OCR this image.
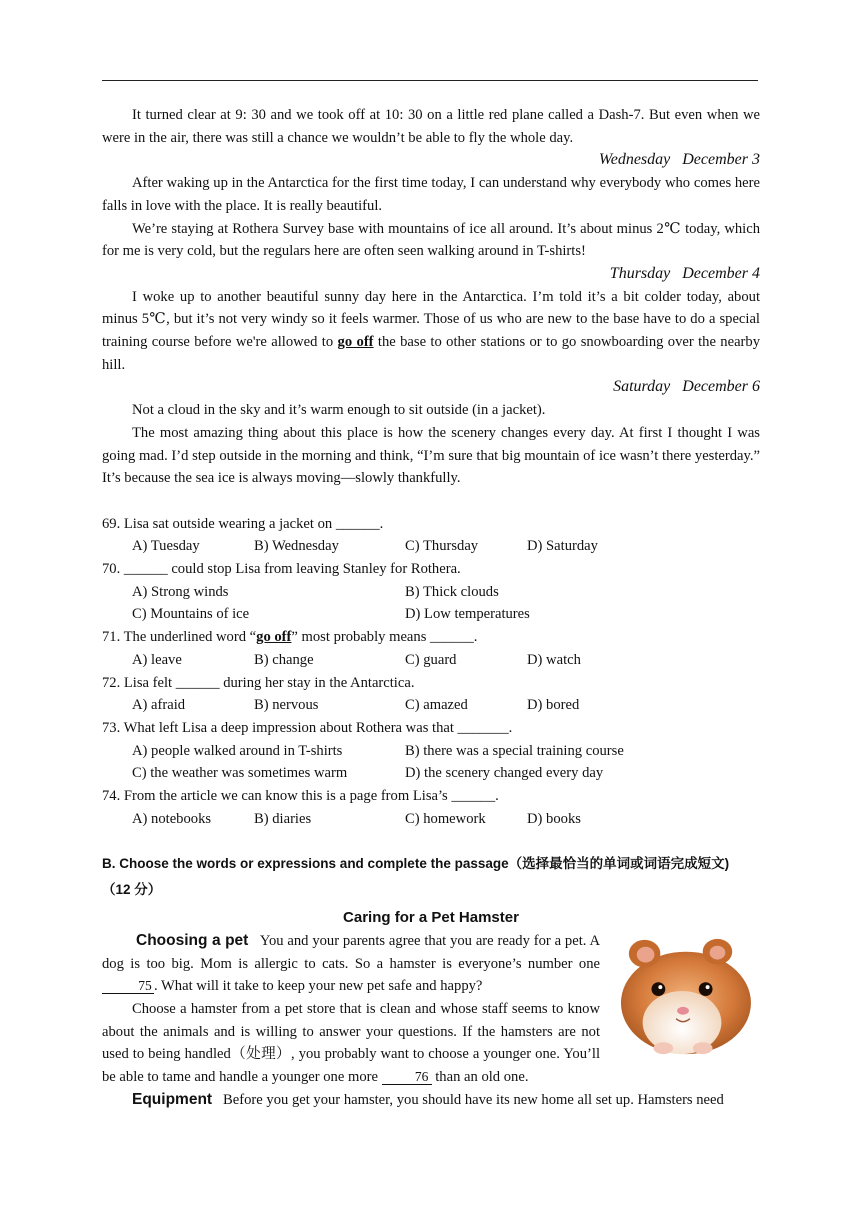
It turned clear at 9: 30 and we took off at 10: 30 on a little red plane called a Dash-7. But even when we were in the air, there was still a chance we wouldn’t be able to fly the whole day.

Wednesday   December 3

After waking up in the Antarctica for the first time today, I can understand why everybody who comes here falls in love with the place. It is really beautiful.

We’re staying at Rothera Survey base with mountains of ice all around. It’s about minus 2℃ today, which for me is very cold, but the regulars here are often seen walking around in T-shirts!

Thursday   December 4

I woke up to another beautiful sunny day here in the Antarctica. I’m told it’s a bit colder today, about minus 5℃, but it’s not very windy so it feels warmer. Those of us who are new to the base have to do a special training course before we're allowed to go off the base to other stations or to go snowboarding over the nearby hill.

Saturday   December 6

Not a cloud in the sky and it’s warm enough to sit outside (in a jacket).

The most amazing thing about this place is how the scenery changes every day. At first I thought I was going mad. I’d step outside in the morning and think, “I’m sure that big mountain of ice wasn’t there yesterday.” It’s because the sea ice is always moving—slowly thankfully.

69. Lisa sat outside wearing a jacket on ______.

A) Tuesday	B) Wednesday	C) Thursday	D) Saturday

70. ______ could stop Lisa from leaving Stanley for Rothera.

A) Strong winds	B) Thick clouds
C) Mountains of ice	D) Low temperatures

71. The underlined word “go off” most probably means ______.

A) leave	B) change	C) guard	D) watch

72. Lisa felt ______ during her stay in the Antarctica.

A) afraid	B) nervous	C) amazed	D) bored

73. What left Lisa a deep impression about Rothera was that _______.

A) people walked around in T-shirts	B) there was a special training course
C) the weather was sometimes warm	D) the scenery changed every day

74. From the article we can know this is a page from Lisa’s ______.

A) notebooks	B) diaries	C) homework	D) books

B. Choose the words or expressions and complete the passage（选择最恰当的单词或词语完成短文)

（12 分）

Caring for a Pet Hamster

Choosing a pet You and your parents agree that you are ready for a pet. A dog is too big. Mom is allergic to cats. So a hamster is everyone’s number one 75 . What will it take to keep your new pet safe and happy?

Choose a hamster from a pet store that is clean and whose staff seems to know about the animals and is willing to answer your questions. If the hamsters are not used to being handled（处理）, you probably want to choose a younger one. You’ll be able to tame and handle a younger one more 76 than an old one.

Equipment Before you get your hamster, you should have its new home all set up. Hamsters need
